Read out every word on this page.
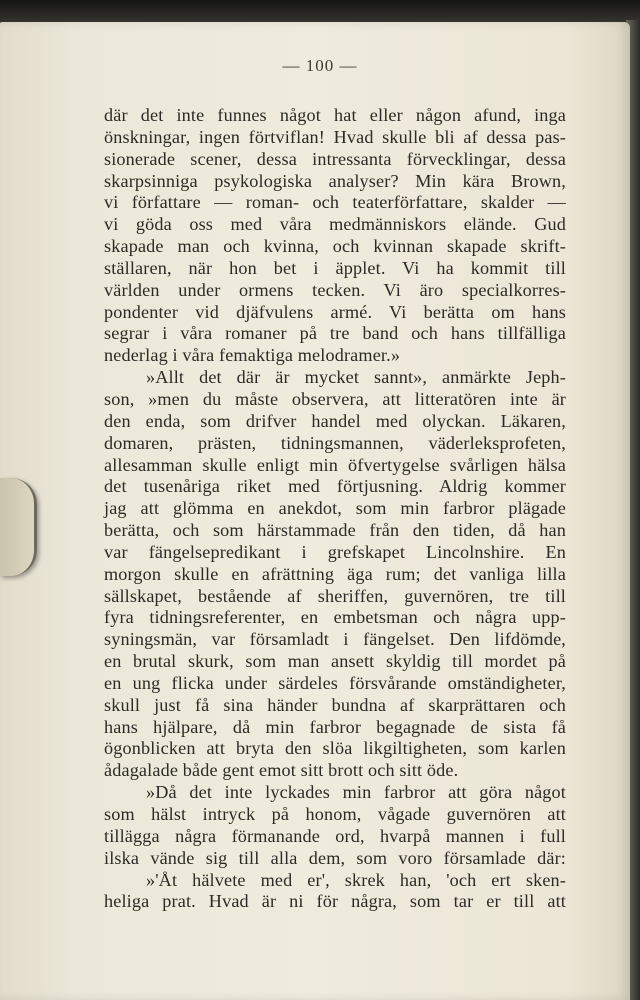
— 100 —
där det inte funnes något hat eller någon afund, inga
önskningar, ingen förtviflan! Hvad skulle bli af dessa pas-
sionerade scener, dessa intressanta förvecklingar, dessa
skarpsinniga psykologiska analyser? Min kära Brown,
vi författare — roman- och teaterförfattare, skalder —
vi göda oss med våra medmänniskors elände. Gud
skapade man och kvinna, och kvinnan skapade skrift-
ställaren, när hon bet i äpplet. Vi ha kommit till
världen under ormens tecken. Vi äro specialkorres-
pondenter vid djäfvulens armé. Vi berätta om hans
segrar i våra romaner på tre band och hans tillfälliga
nederlag i våra femaktiga melodramer.»
»Allt det där är mycket sannt», anmärkte Jeph-
son, »men du måste observera, att litteratören inte är
den enda, som drifver handel med olyckan. Läkaren,
domaren, prästen, tidningsmannen, väderleksprofeten,
allesamman skulle enligt min öfvertygelse svårligen hälsa
det tusenåriga riket med förtjusning. Aldrig kommer
jag att glömma en anekdot, som min farbror plägade
berätta, och som härstammade från den tiden, då han
var fängelsepredikant i grefskapet Lincolnshire. En
morgon skulle en afrättning äga rum; det vanliga lilla
sällskapet, bestående af sheriffen, guvernören, tre till
fyra tidningsreferenter, en embetsman och några upp-
syningsmän, var församladt i fängelset. Den lifdömde,
en brutal skurk, som man ansett skyldig till mordet på
en ung flicka under särdeles försvårande omständigheter,
skull just få sina händer bundna af skarprättaren och
hans hjälpare, då min farbror begagnade de sista få
ögonblicken att bryta den slöa likgiltigheten, som karlen
ådagalade både gent emot sitt brott och sitt öde.
»Då det inte lyckades min farbror att göra något
som hälst intryck på honom, vågade guvernören att
tillägga några förmanande ord, hvarpå mannen i full
ilska vände sig till alla dem, som voro församlade där:
»'Åt hälvete med er', skrek han, 'och ert sken-
heliga prat. Hvad är ni för några, som tar er till att
